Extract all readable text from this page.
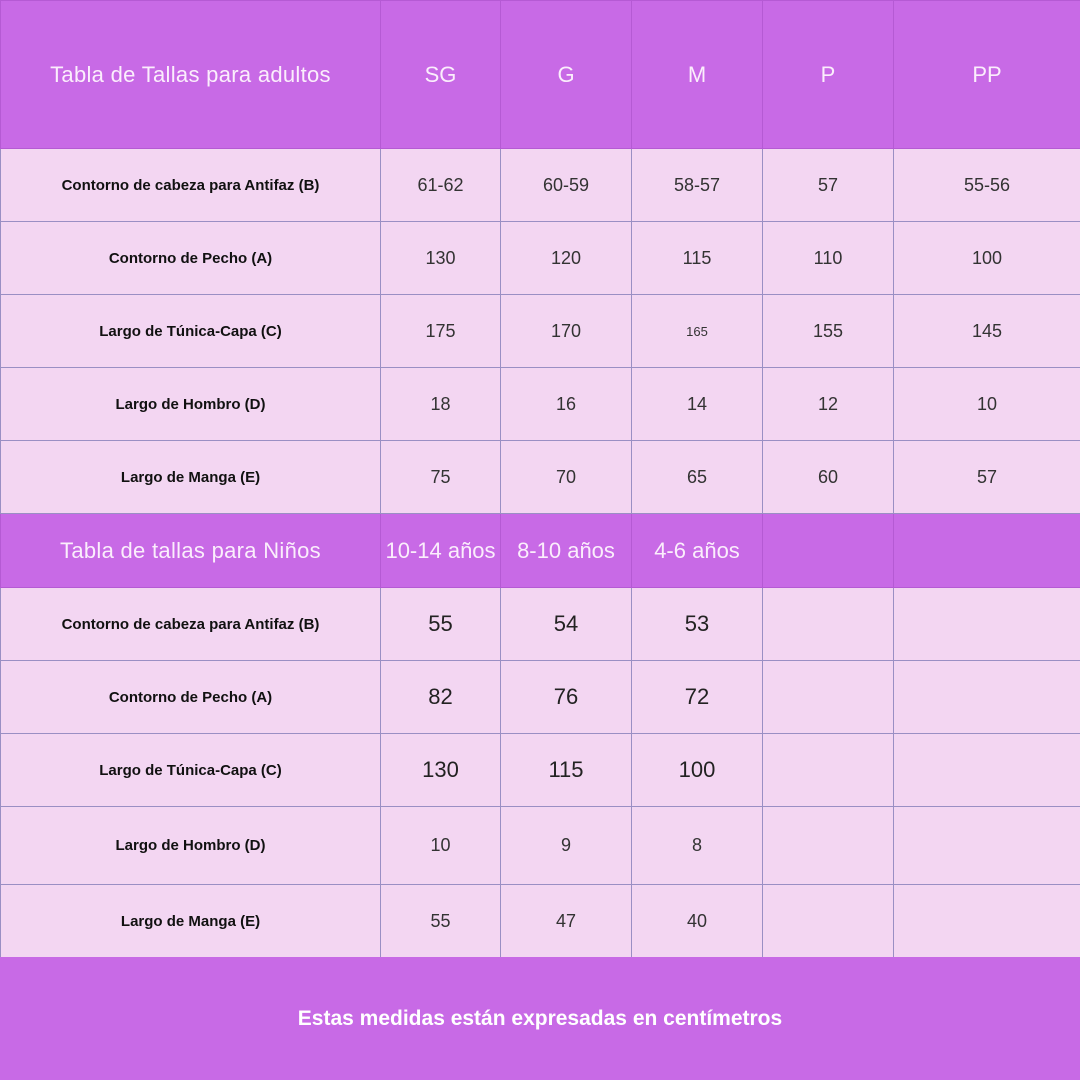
Tabla de Tallas para adultos	SG	G	M	P	PP
Contorno de cabeza para Antifaz (B)	61-62	60-59	58-57	57	55-56
Contorno de Pecho (A)	130	120	115	110	100
Largo de Túnica-Capa (C)	175	170	165	155	145
Largo de Hombro (D)	18	16	14	12	10
Largo de Manga (E)	75	70	65	60	57
Tabla de tallas para Niños	10-14 años	8-10 años	4-6 años		
Contorno de cabeza para Antifaz (B)	55	54	53		
Contorno de Pecho (A)	82	76	72		
Largo de Túnica-Capa (C)	130	115	100		
Largo de Hombro (D)	10	9	8		
Largo de Manga (E)	55	47	40		
Estas medidas están expresadas en centímetros
